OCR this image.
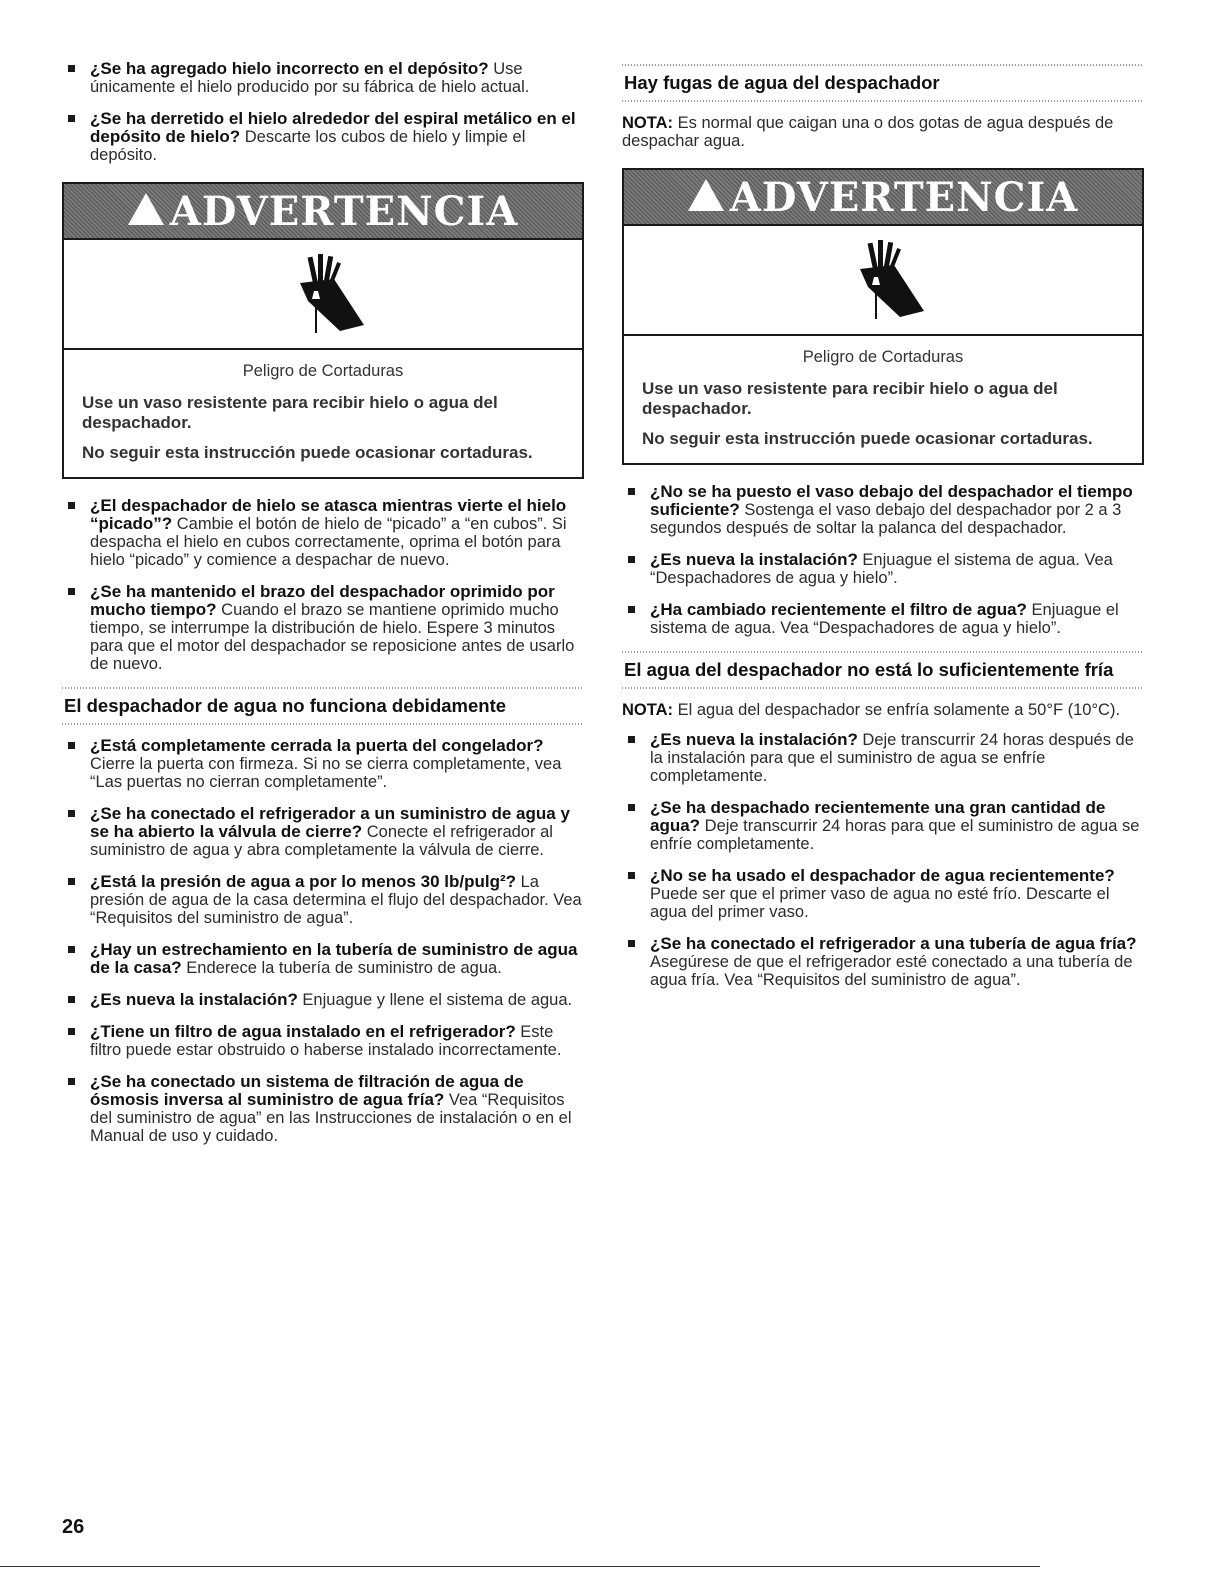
¿Se ha agregado hielo incorrecto en el depósito? Use únicamente el hielo producido por su fábrica de hielo actual.
¿Se ha derretido el hielo alrededor del espiral metálico en el depósito de hielo? Descarte los cubos de hielo y limpie el depósito.
ADVERTENCIA
Peligro de Cortaduras

Use un vaso resistente para recibir hielo o agua del despachador.

No seguir esta instrucción puede ocasionar cortaduras.

¿El despachador de hielo se atasca mientras vierte el hielo “picado”? Cambie el botón de hielo de “picado” a “en cubos”. Si despacha el hielo en cubos correctamente, oprima el botón para hielo “picado” y comience a despachar de nuevo.
¿Se ha mantenido el brazo del despachador oprimido por mucho tiempo? Cuando el brazo se mantiene oprimido mucho tiempo, se interrumpe la distribución de hielo. Espere 3 minutos para que el motor del despachador se reposicione antes de usarlo de nuevo.
El despachador de agua no funciona debidamente
¿Está completamente cerrada la puerta del congelador? Cierre la puerta con firmeza. Si no se cierra completamente, vea “Las puertas no cierran completamente”.
¿Se ha conectado el refrigerador a un suministro de agua y se ha abierto la válvula de cierre? Conecte el refrigerador al suministro de agua y abra completamente la válvula de cierre.
¿Está la presión de agua a por lo menos 30 lb/pulg²? La presión de agua de la casa determina el flujo del despachador. Vea “Requisitos del suministro de agua”.
¿Hay un estrechamiento en la tubería de suministro de agua de la casa? Enderece la tubería de suministro de agua.
¿Es nueva la instalación? Enjuague y llene el sistema de agua.
¿Tiene un filtro de agua instalado en el refrigerador? Este filtro puede estar obstruido o haberse instalado incorrectamente.
¿Se ha conectado un sistema de filtración de agua de ósmosis inversa al suministro de agua fría? Vea “Requisitos del suministro de agua” en las Instrucciones de instalación o en el Manual de uso y cuidado.
Hay fugas de agua del despachador

NOTA: Es normal que caigan una o dos gotas de agua después de despachar agua.

ADVERTENCIA
Peligro de Cortaduras

Use un vaso resistente para recibir hielo o agua del despachador.

No seguir esta instrucción puede ocasionar cortaduras.

¿No se ha puesto el vaso debajo del despachador el tiempo suficiente? Sostenga el vaso debajo del despachador por 2 a 3 segundos después de soltar la palanca del despachador.
¿Es nueva la instalación? Enjuague el sistema de agua. Vea “Despachadores de agua y hielo”.
¿Ha cambiado recientemente el filtro de agua? Enjuague el sistema de agua. Vea “Despachadores de agua y hielo”.
El agua del despachador no está lo suficientemente fría

NOTA: El agua del despachador se enfría solamente a 50°F (10°C).

¿Es nueva la instalación? Deje transcurrir 24 horas después de la instalación para que el suministro de agua se enfríe completamente.
¿Se ha despachado recientemente una gran cantidad de agua? Deje transcurrir 24 horas para que el suministro de agua se enfríe completamente.
¿No se ha usado el despachador de agua recientemente? Puede ser que el primer vaso de agua no esté frío. Descarte el agua del primer vaso.
¿Se ha conectado el refrigerador a una tubería de agua fría? Asegúrese de que el refrigerador esté conectado a una tubería de agua fría. Vea “Requisitos del suministro de agua”.
26
